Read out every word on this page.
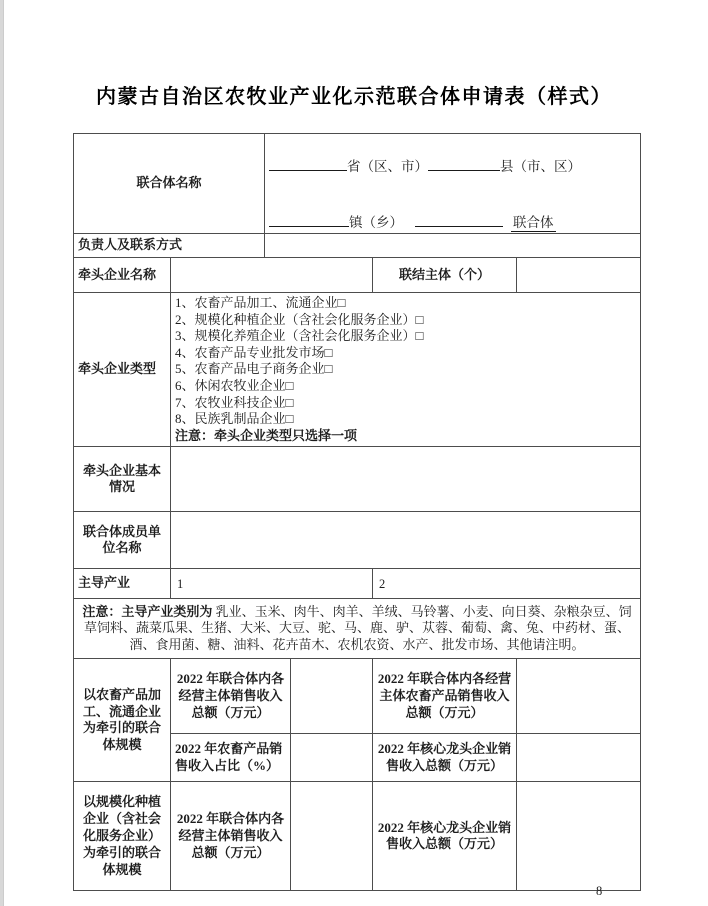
内蒙古自治区农牧业产业化示范联合体申请表（样式）
联合体名称		省（区、市） 县（市、区）
镇（乡） 联合体			

负责人及联系方式					
牵头企业名称				联结主体（个）	
牵头企业类型	
1、农畜产品加工、流通企业□
2、规模化种植企业（含社会化服务企业）□
3、规模化养殖企业（含社会化服务企业）□
4、农畜产品专业批发市场□
5、农畜产品电子商务企业□
6、休闲农牧业企业□
7、农牧业科技企业□
8、民族乳制品企业□
注意：牵头企业类型只选择一项

牵头企业基本情况					
联合体成员单位名称					
主导产业	1			2	
注意：主导产业类别为 乳业、玉米、肉牛、肉羊、羊绒、马铃薯、小麦、向日葵、杂粮杂豆、饲草饲料、蔬菜瓜果、生猪、大米、大豆、驼、马、鹿、驴、苁蓉、葡萄、禽、兔、中药材、蛋、酒、食用菌、糖、油料、花卉苗木、农机农资、水产、批发市场、其他请注明。					
以农畜产品加工、流通企业为牵引的联合体规模	2022 年联合体内各经营主体销售收入总额（万元）			2022 年联合体内各经营主体农畜产品销售收入总额（万元）	
	2022 年农畜产品销售收入占比（%）			2022 年核心龙头企业销售收入总额（万元）	
以规模化种植企业（含社会化服务企业）为牵引的联合体规模	2022 年联合体内各经营主体销售收入总额（万元）			2022 年核心龙头企业销售收入总额（万元）	
8
